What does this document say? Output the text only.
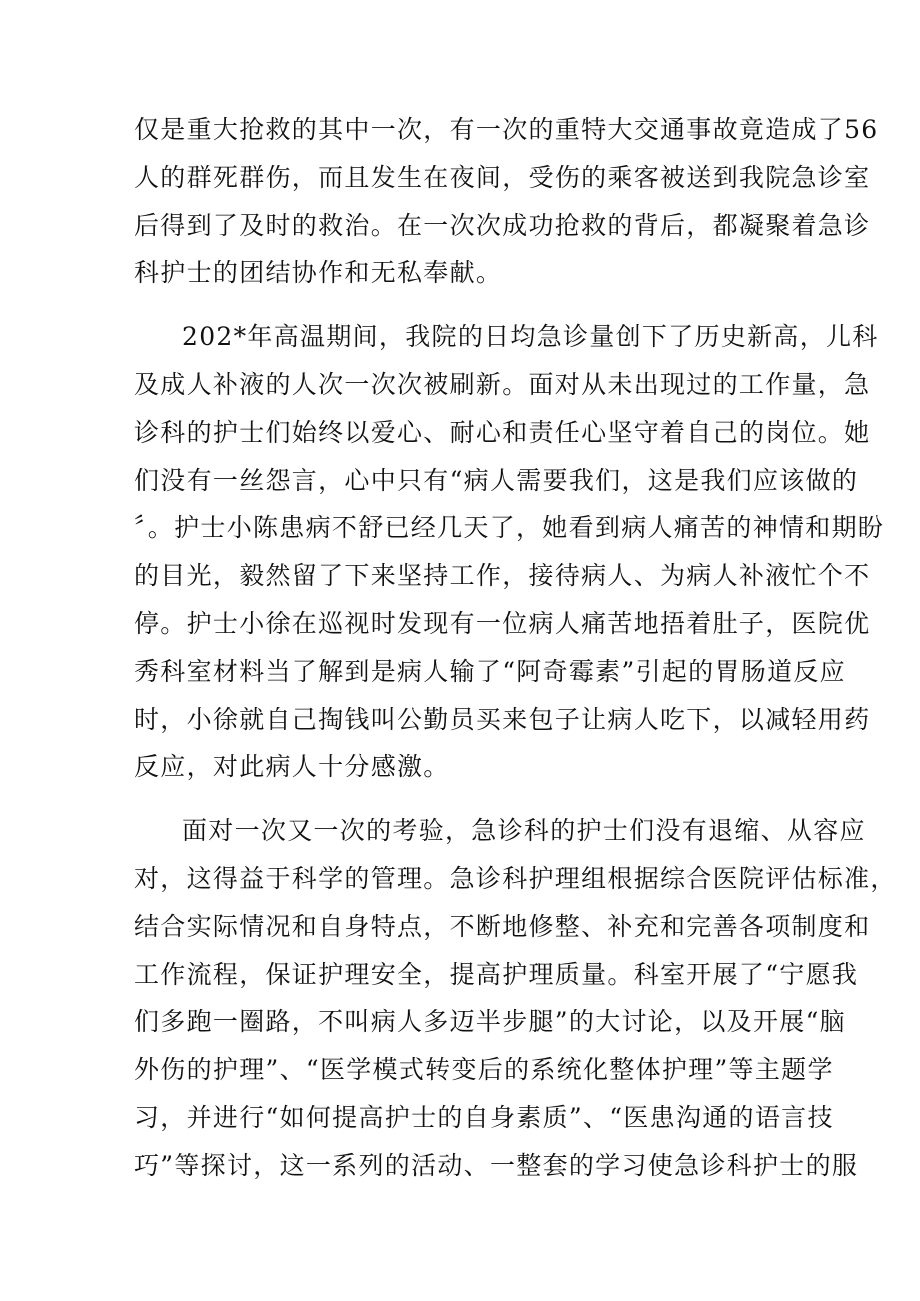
仅是重大抢救的其中一次，有一次的重特大交通事故竟造成了56
人的群死群伤，而且发生在夜间，受伤的乘客被送到我院急诊室
后得到了及时的救治。在一次次成功抢救的背后，都凝聚着急诊
科护士的团结协作和无私奉献。
202*年高温期间，我院的日均急诊量创下了历史新高，儿科
及成人补液的人次一次次被刷新。面对从未出现过的工作量，急
诊科的护士们始终以爱心、耐心和责任心坚守着自己的岗位。她
们没有一丝怨言，心中只有“病人需要我们，这是我们应该做的
〞。护士小陈患病不舒已经几天了，她看到病人痛苦的神情和期盼
的目光，毅然留了下来坚持工作，接待病人、为病人补液忙个不
停。护士小徐在巡视时发现有一位病人痛苦地捂着肚子，医院优
秀科室材料当了解到是病人输了“阿奇霉素”引起的胃肠道反应
时，小徐就自己掏钱叫公勤员买来包子让病人吃下，以减轻用药
反应，对此病人十分感激。
面对一次又一次的考验，急诊科的护士们没有退缩、从容应
对，这得益于科学的管理。急诊科护理组根据综合医院评估标准，
结合实际情况和自身特点，不断地修整、补充和完善各项制度和
工作流程，保证护理安全，提高护理质量。科室开展了“宁愿我
们多跑一圈路，不叫病人多迈半步腿”的大讨论，以及开展“脑
外伤的护理”、“医学模式转变后的系统化整体护理”等主题学
习，并进行“如何提高护士的自身素质”、“医患沟通的语言技
巧”等探讨，这一系列的活动、一整套的学习使急诊科护士的服
